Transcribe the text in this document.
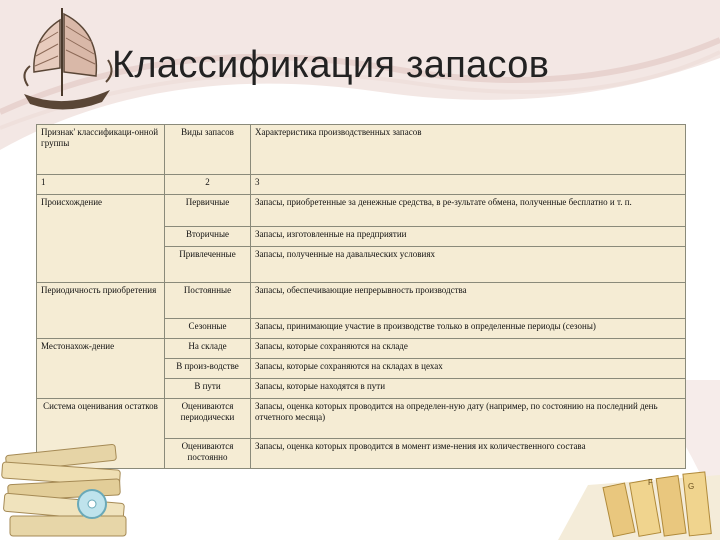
Классификация запасов
Признак' классификаци-онной группы	Виды запасов	Характеристика производственных запасов
1	2	3
Происхождение	Первичные	Запасы, приобретенные за денежные средства, в ре-зультате обмена, полученные бесплатно и т. п.
	Вторичные	Запасы, изготовленные на предприятии
	Привлеченные	Запасы, полученные на давальческих условиях
Периодичность приобретения	Постоянные	Запасы, обеспечивающие непрерывность производства
	Сезонные	Запасы, принимающие участие в производстве только в определенные периоды (сезоны)
Местонахож-дение	На складе	Запасы, которые сохраняются на складе
	В произ-водстве	Запасы, которые сохраняются на складах в цехах
	В пути	Запасы, которые находятся в пути
Система оценивания остатков	Оцениваются периодически	Запасы, оценка которых проводится на определен-ную дату (например, по состоянию на последний день отчетного месяца)
	Оцениваются постоянно	Запасы, оценка которых проводится в момент изме-нения их количественного состава
F	G
